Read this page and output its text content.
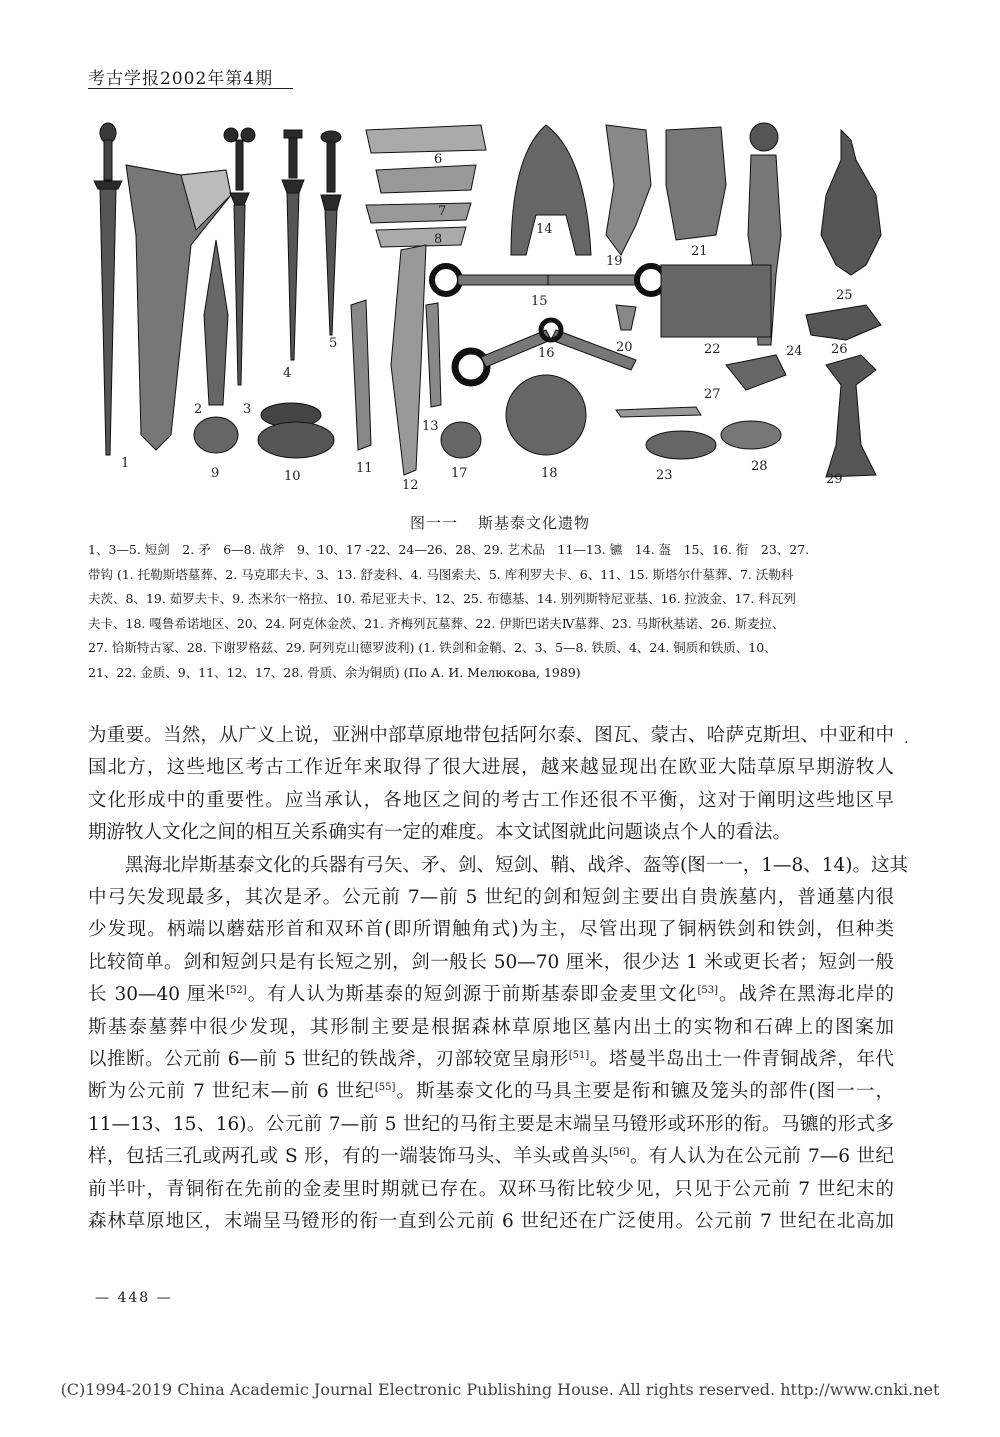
考古学报2002年第4期
1
2	3
4
5
6
7
8
9	10
11
12
13
14
15
16
17	18
19
20
21
22
23
24
25
26
27
28
29
图一一 斯基泰文化遗物
1、3—5. 短剑　2. 矛　6—8. 战斧　9、10、17 -22、24—26、28、29. 艺术品　11—13. 镳　14. 盔　15、16. 衔　23、27.
带钩 (1. 托勒斯塔墓葬、2. 马克耶夫卡、3、13. 舒麦科、4. 马图索夫、5. 库利罗夫卡、6、11、15. 斯塔尔什墓葬、7. 沃勒科
夫茨、8、19. 茹罗夫卡、9. 杰米尔一格拉、10. 希尼亚夫卡、12、25. 布德基、14. 别列斯特尼亚基、16. 拉波金、17. 科瓦列
夫卡、18. 嘎鲁希诺地区、20、24. 阿克休金茨、21. 齐梅列瓦墓葬、22. 伊斯巴诺夫Ⅳ墓葬、23. 马斯秋基诺、26. 斯麦拉、
27. 恰斯特古冢、28. 下谢罗格兹、29. 阿列克山德罗波利) (1. 铁剑和金鞘、2、3、5—8. 铁质、4、24. 铜质和铁质、10、
21、22. 金质、9、11、12、17、28. 骨质、余为铜质) (По А. И. Мелюкова, 1989)
·
为重要。当然，从广义上说，亚洲中部草原地带包括阿尔泰、图瓦、蒙古、哈萨克斯坦、中亚和中
国北方，这些地区考古工作近年来取得了很大进展，越来越显现出在欧亚大陆草原早期游牧人
文化形成中的重要性。应当承认，各地区之间的考古工作还很不平衡，这对于阐明这些地区早
期游牧人文化之间的相互关系确实有一定的难度。本文试图就此问题谈点个人的看法。
黑海北岸斯基泰文化的兵器有弓矢、矛、剑、短剑、鞘、战斧、盔等(图一一，1—8、14)。这其
中弓矢发现最多，其次是矛。公元前 7—前 5 世纪的剑和短剑主要出自贵族墓内，普通墓内很
少发现。柄端以蘑菇形首和双环首(即所谓触角式)为主，尽管出现了铜柄铁剑和铁剑，但种类
比较简单。剑和短剑只是有长短之别，剑一般长 50—70 厘米，很少达 1 米或更长者；短剑一般
长 30—40 厘米[52]。有人认为斯基泰的短剑源于前斯基泰即金麦里文化[53]。战斧在黑海北岸的
斯基泰墓葬中很少发现，其形制主要是根据森林草原地区墓内出土的实物和石碑上的图案加
以推断。公元前 6—前 5 世纪的铁战斧，刃部较宽呈扇形[51]。塔曼半岛出土一件青铜战斧，年代
断为公元前 7 世纪末—前 6 世纪[55]。斯基泰文化的马具主要是衔和镳及笼头的部件(图一一，
11—13、15、16)。公元前 7—前 5 世纪的马衔主要是末端呈马镫形或环形的衔。马镳的形式多
样，包括三孔或两孔或 S 形，有的一端装饰马头、羊头或兽头[56]。有人认为在公元前 7—6 世纪
前半叶，青铜衔在先前的金麦里时期就已存在。双环马衔比较少见，只见于公元前 7 世纪末的
森林草原地区，末端呈马镫形的衔一直到公元前 6 世纪还在广泛使用。公元前 7 世纪在北高加
— 448 —
(C)1994-2019 China Academic Journal Electronic Publishing House. All rights reserved. http://www.cnki.net
